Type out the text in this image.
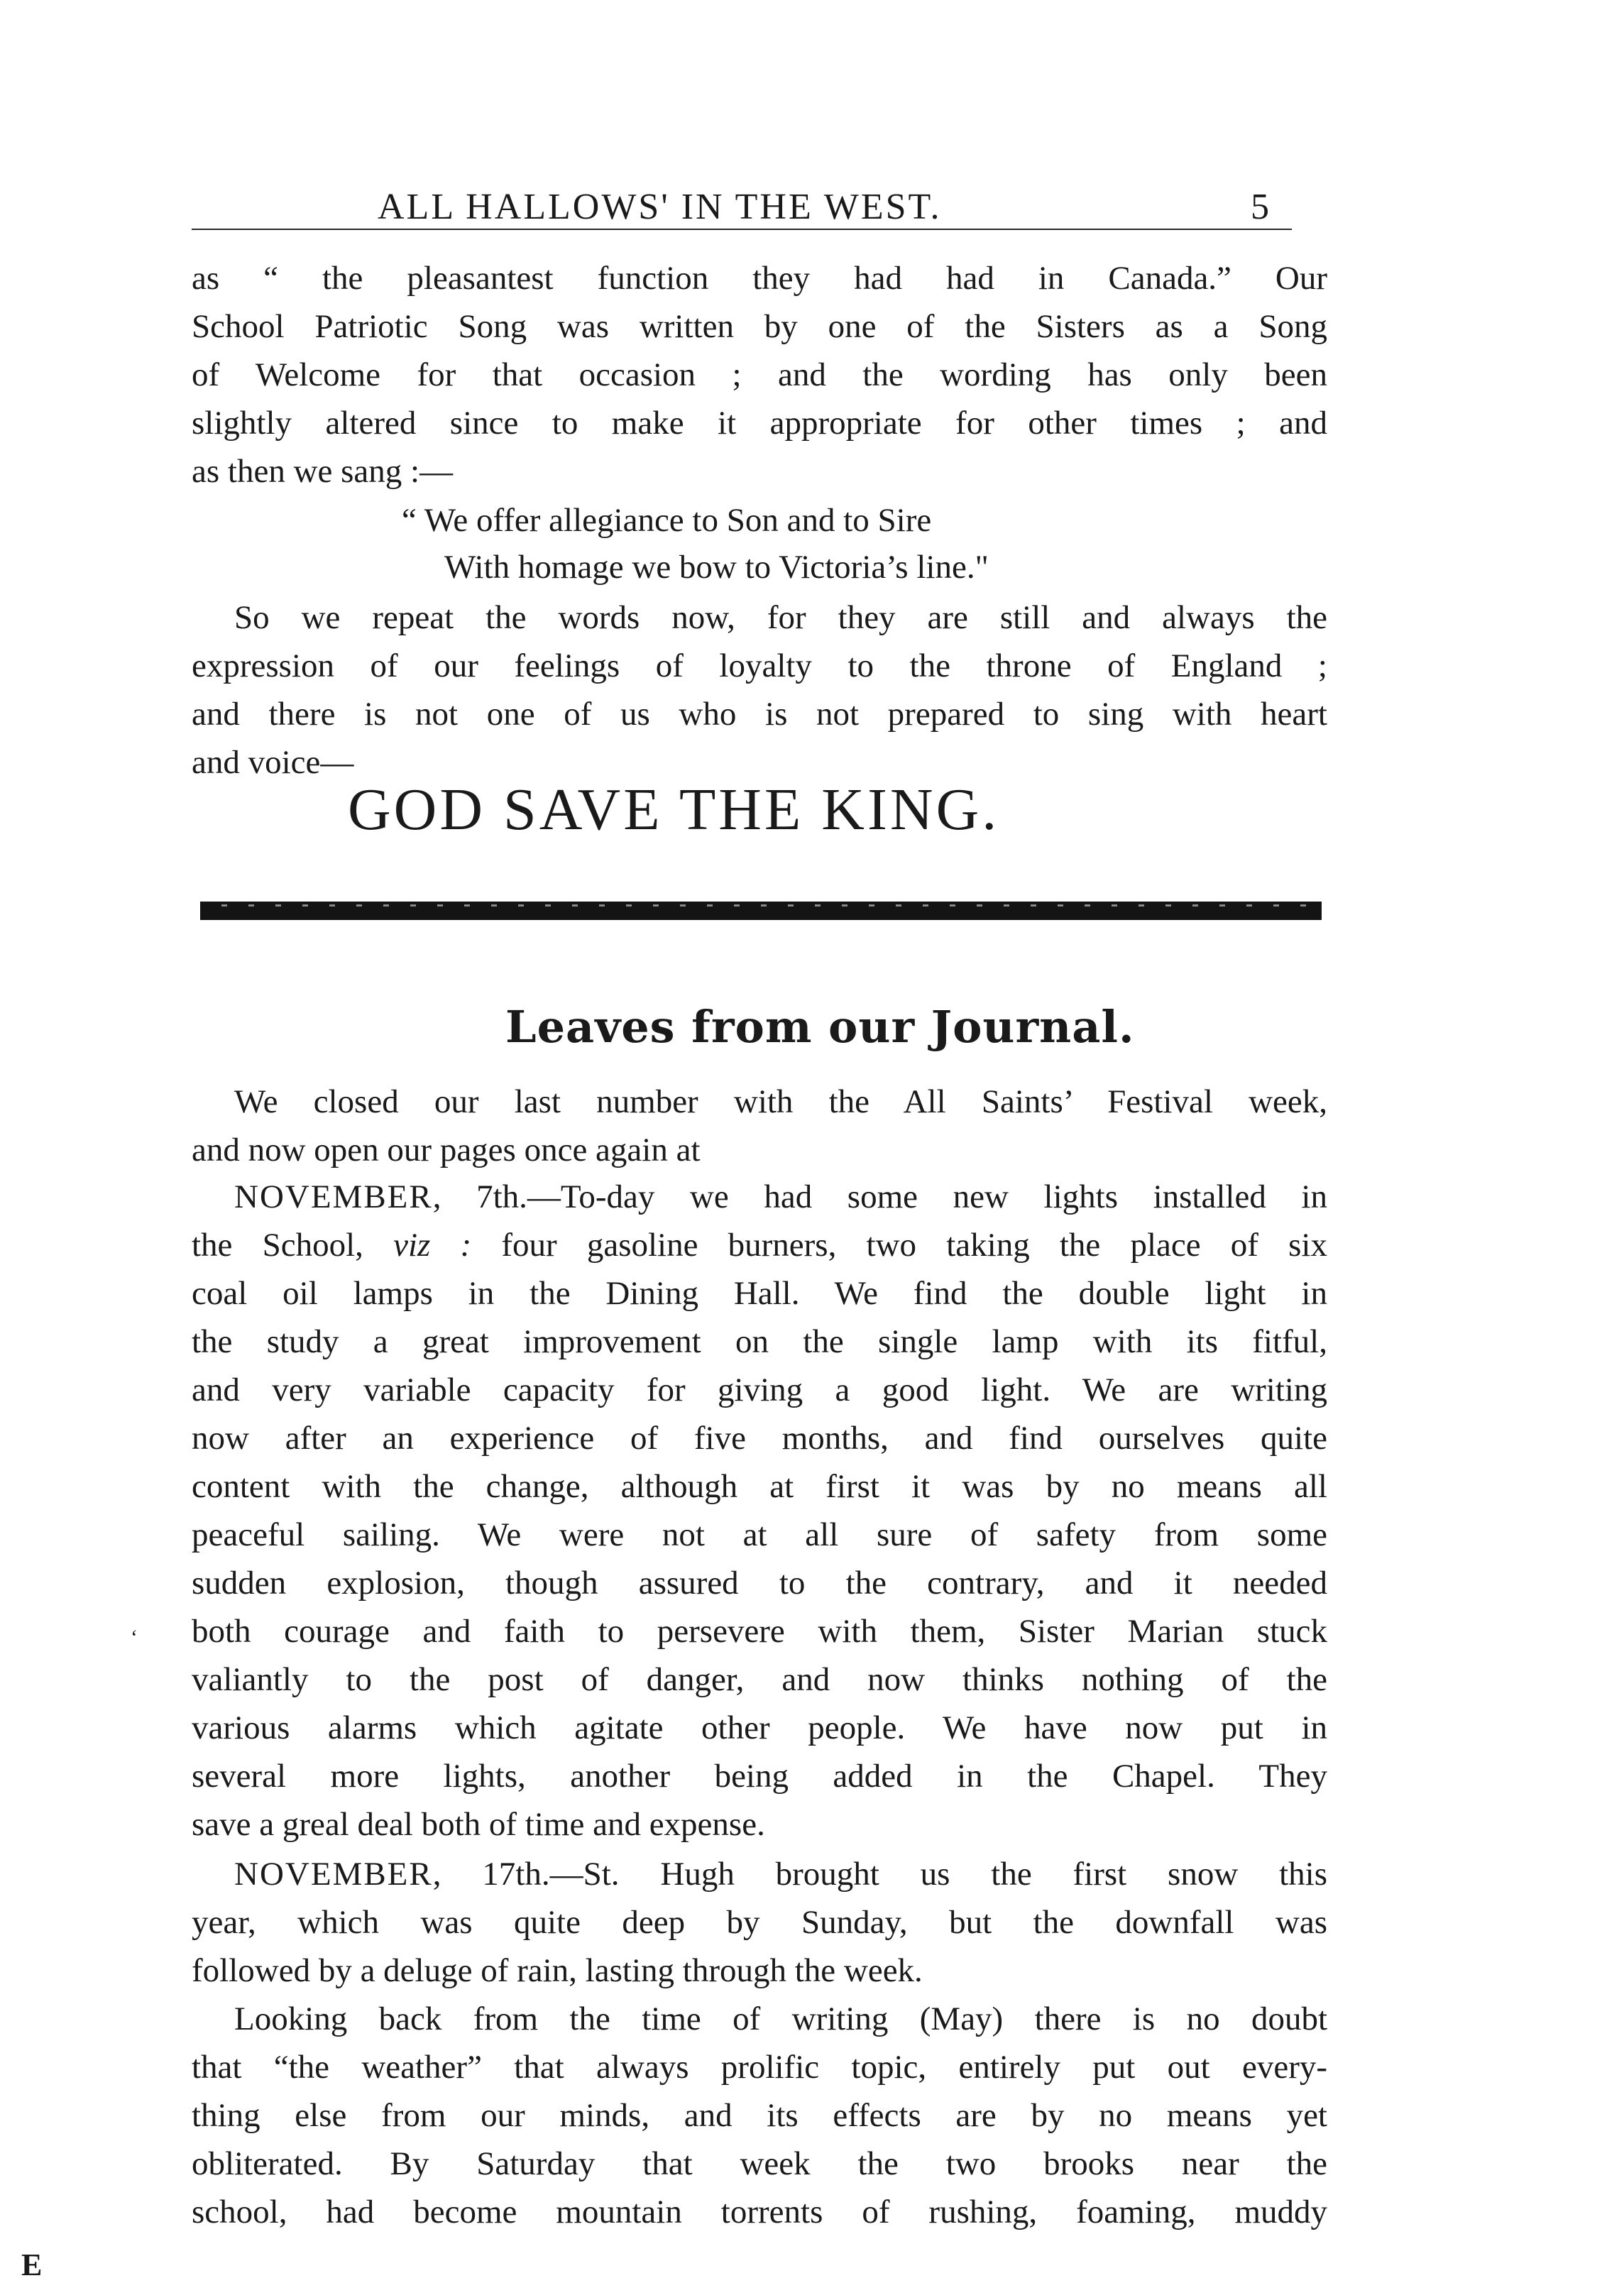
ALL HALLOWS' IN THE WEST.	5
as “ the pleasantest function they had had in Canada.” Our
School Patriotic Song was written by one of the Sisters as a Song
of Welcome for that occasion ; and the wording has only been
slightly altered since to make it appropriate for other times ; and
as then we sang :—
“ We offer allegiance to Son and to Sire
With homage we bow to Victoria’s line."
So we repeat the words now, for they are still and always the
expression of our feelings of loyalty to the throne of England ;
and there is not one of us who is not prepared to sing with heart
and voice—
GOD SAVE THE KING.
Leaves from our Journal.
We closed our last number with the All Saints’ Festival week,
and now open our pages once again at
NOVEMBER, 7th.—To-day we had some new lights installed in
the School, viz : four gasoline burners, two taking the place of six
coal oil lamps in the Dining Hall. We find the double light in
the study a great improvement on the single lamp with its fitful,
and very variable capacity for giving a good light. We are writing
now after an experience of five months, and find ourselves quite
content with the change, although at first it was by no means all
peaceful sailing. We were not at all sure of safety from some
sudden explosion, though assured to the contrary, and it needed
both courage and faith to persevere with them, Sister Marian stuck
valiantly to the post of danger, and now thinks nothing of the
various alarms which agitate other people. We have now put in
several more lights, another being added in the Chapel. They
save a greal deal both of time and expense.
NOVEMBER, 17th.—St. Hugh brought us the first snow this
year, which was quite deep by Sunday, but the downfall was
followed by a deluge of rain, lasting through the week.
Looking back from the time of writing (May) there is no doubt
that “the weather” that always prolific topic, entirely put out every-
thing else from our minds, and its effects are by no means yet
obliterated. By Saturday that week the two brooks near the
school, had become mountain torrents of rushing, foaming, muddy
ʻ
E
